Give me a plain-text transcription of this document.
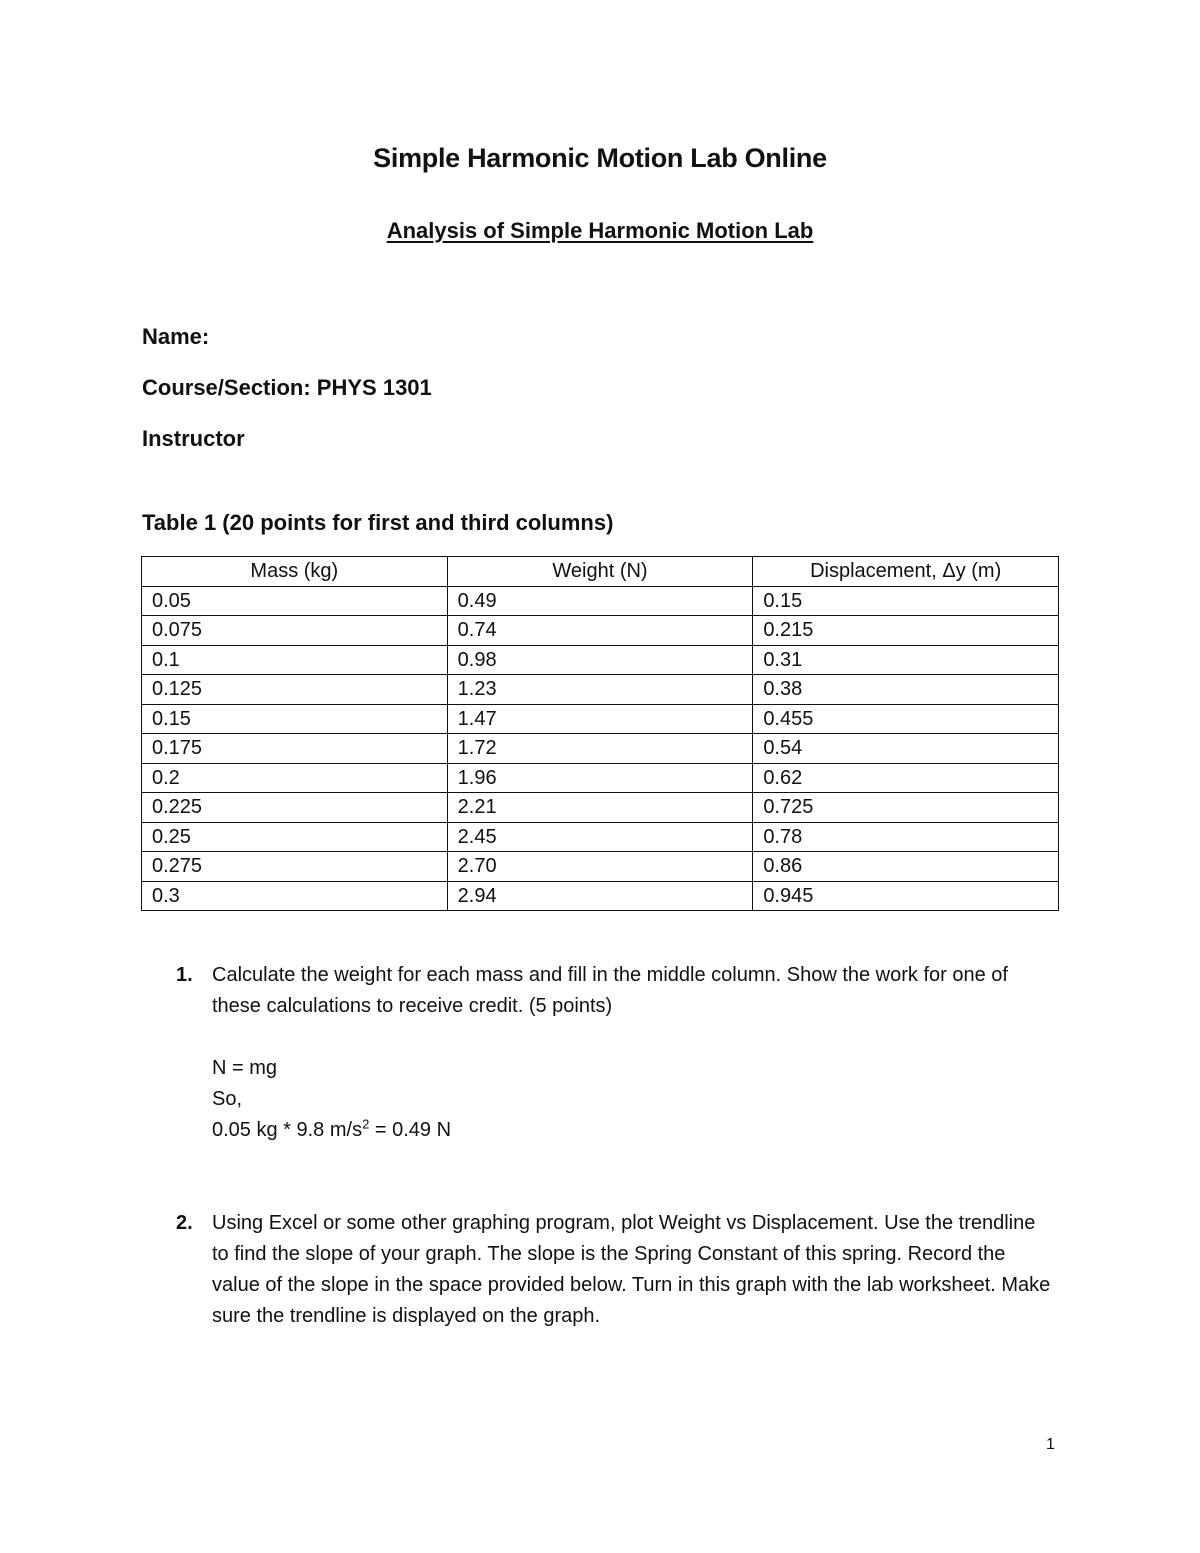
Simple Harmonic Motion Lab Online
Analysis of Simple Harmonic Motion Lab
Name:
Course/Section: PHYS 1301
Instructor
Table 1 (20 points for first and third columns)
Mass (kg)	Weight (N)	Displacement, Δy (m)
0.05	0.49	0.15
0.075	0.74	0.215
0.1	0.98	0.31
0.125	1.23	0.38
0.15	1.47	0.455
0.175	1.72	0.54
0.2	1.96	0.62
0.225	2.21	0.725
0.25	2.45	0.78
0.275	2.70	0.86
0.3	2.94	0.945
1. Calculate the weight for each mass and fill in the middle column. Show the work for one of these calculations to receive credit. (5 points)
N = mg
So,
0.05 kg * 9.8 $m/s^2 = 0.49$ N
2. Using Excel or some other graphing program, plot Weight vs Displacement. Use the trendline to find the slope of your graph. The slope is the Spring Constant of this spring. Record the value of the slope in the space provided below. Turn in this graph with the lab worksheet. Make sure the trendline is displayed on the graph.
1
